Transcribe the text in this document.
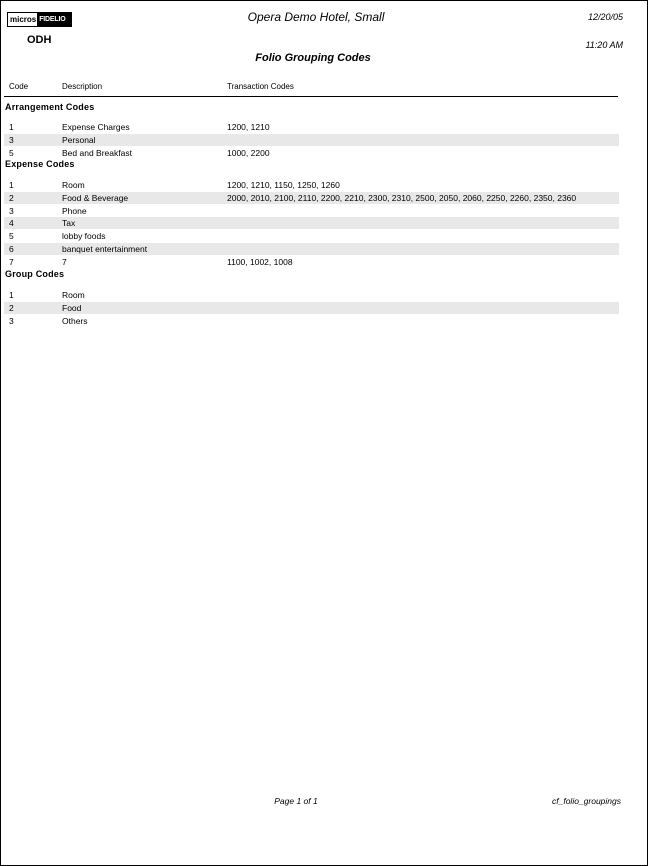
micros FIDELIO	Opera Demo Hotel, Small	12/20/05
ODH	11:20 AM
Folio Grouping Codes
Code	Description	Transaction Codes
Arrangement Codes
1	Expense Charges	1200, 1210
3	Personal
5	Bed and Breakfast	1000, 2200
Expense Codes
1	Room	1200, 1210, 1150, 1250, 1260
2	Food & Beverage	2000, 2010, 2100, 2110, 2200, 2210, 2300, 2310, 2500, 2050, 2060, 2250, 2260, 2350, 2360
3	Phone
4	Tax
5	lobby foods
6	banquet entertainment
7	7	1100, 1002, 1008
Group Codes
1	Room
2	Food
3	Others
Page 1 of 1	cf_folio_groupings
